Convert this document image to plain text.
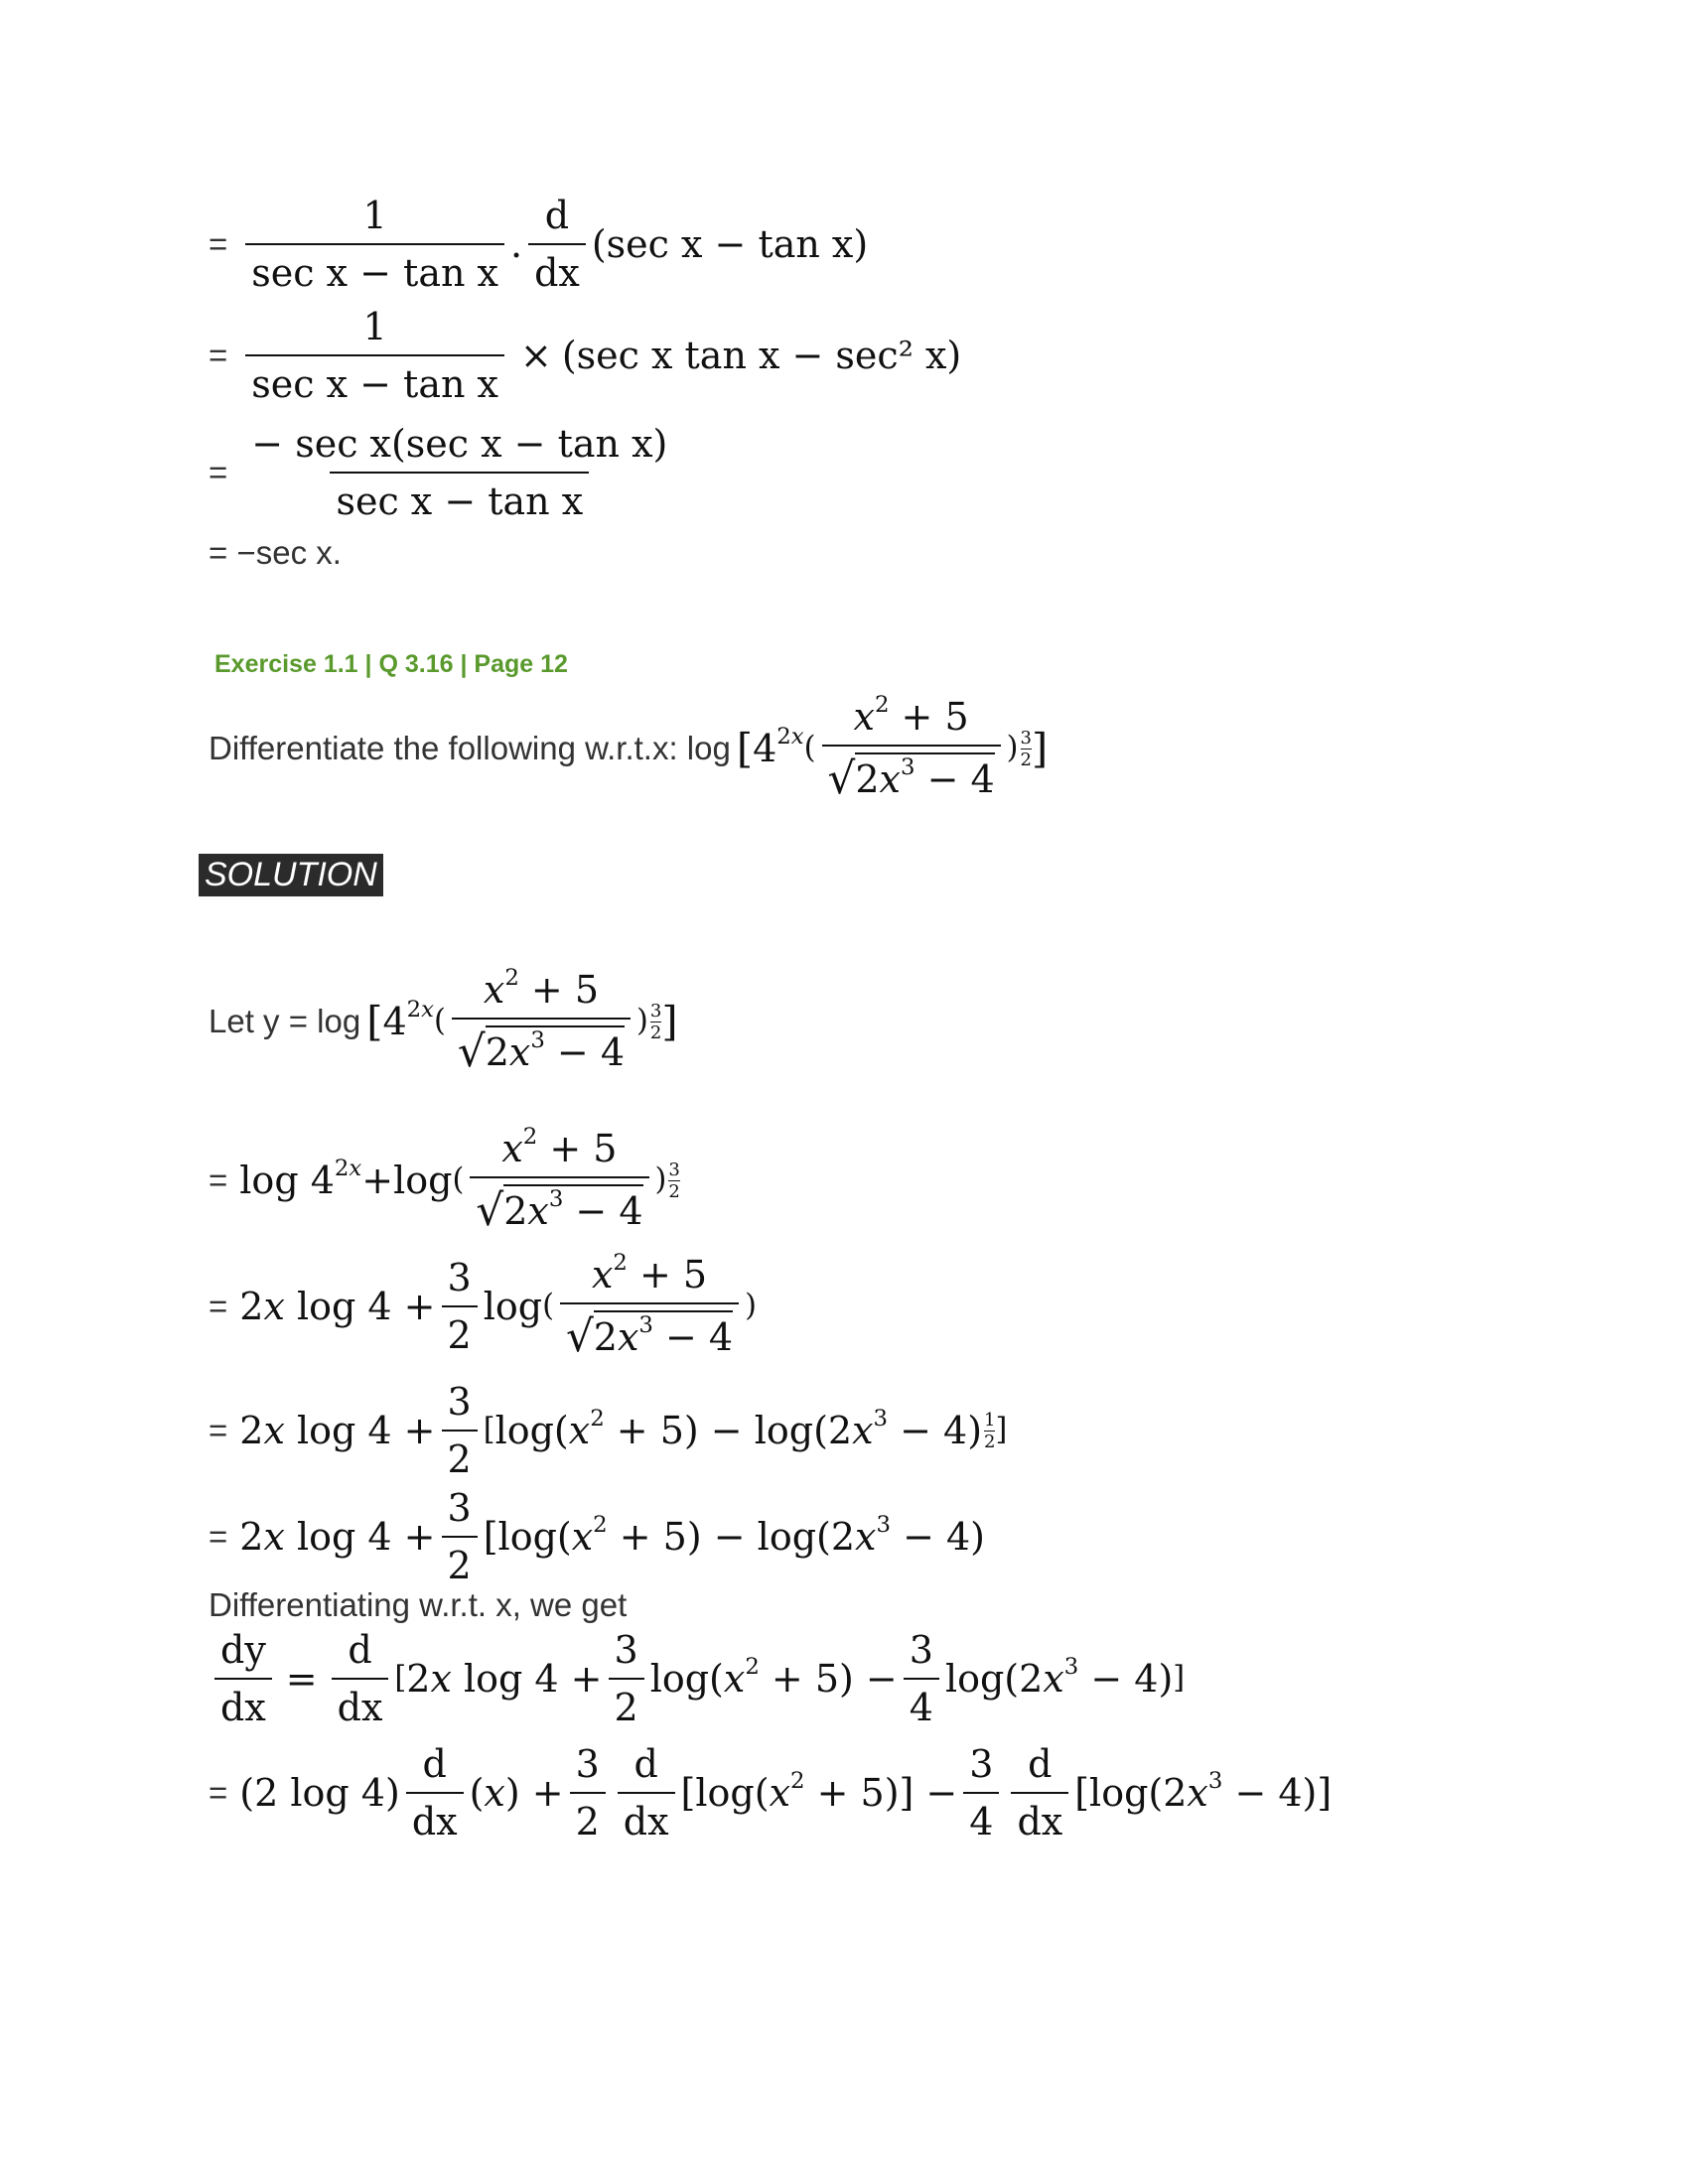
= $\frac{1}{\text{sec x − tan x}}$ . $\frac{d}{dx} (\sec$ x − tan x)
= $\frac{1}{\text{sec x − tan x}} \times (\sec$ x tan x − sec² x)
= $\frac{\text{− sec x(sec x − tan x)}}{\text{sec x − tan x}}$
= −sec x.
Exercise 1.1 | Q 3.16 | Page 12
Differentiate the following w.r.t.x: log [ $4^{2x}$ ( $\frac{x^2 + 5}{√ 2x^3 - 4}$ ) 3
2 ]
SOLUTION
Let y = log [ $4^{2x}$ ( $\frac{x^2 + 5}{√ 2x^3 - 4}$ ) 3
2 ]
= $\log 4^{2x}+\log$ ( $\frac{x^2 + 5}{√ 2x^3 - 4}$ ) 3
2
= 2x $\log 4 + \frac{3}{2}$ log ( $\frac{x^2 + 5}{√ 2x^3 - 4}$ )
= 2x $\log 4 + \frac{3}{2}$ [ $\log(x^2 + 5) - \log(2x^3 - 4)$ 1
2 ]
= 2x $\log 4 + \frac{3}{2} [\log(x^2 + 5) - \log(2x^3 - 4)$
Differentiating w.r.t. x, we get
$\frac{dy}{dx} = \frac{d}{dx}$ [ 2x $\log 4 + \frac{3}{2} \log(x^2 + 5) - \frac{3}{4} \log(2x^3 - 4)$ ]
= (2 $\log 4) \frac{d}{dx} (x) + \frac{3}{2} \frac{d}{dx} [\log(x^2 + 5)] - \frac{3}{4} \frac{d}{dx} [\log(2x^3 - 4)]$
